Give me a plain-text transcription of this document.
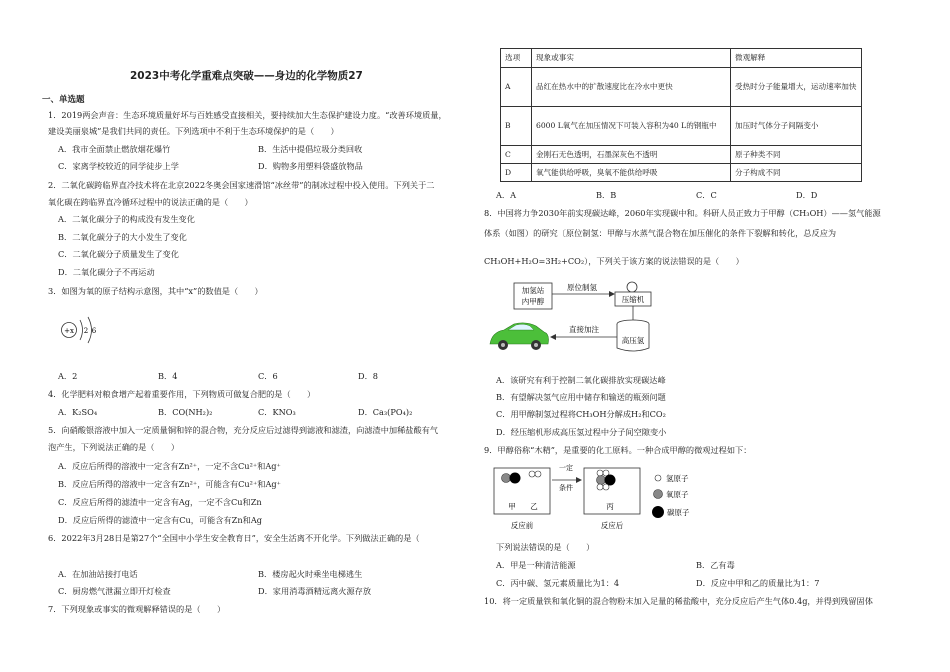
2023中考化学重难点突破——身边的化学物质27
一、单选题
1．2019两会声音：生态环境质量好坏与百姓感受直接相关，要持续加大生态保护建设力度。“改善环境质量，
建设美丽泉城”是我们共同的责任。下列选项中不利于生态环境保护的是（　　）
A．我市全面禁止燃放烟花爆竹	B．生活中提倡垃圾分类回收
C．家离学校较近的同学徒步上学	D．购物多用塑料袋盛放物品
2．二氧化碳跨临界直冷技术将在北京2022冬奥会国家速滑馆“冰丝带”的制冰过程中投入使用。下列关于二
氧化碳在跨临界直冷循环过程中的说法正确的是（　　）
A．二氧化碳分子的构成没有发生变化
B．二氧化碳分子的大小发生了变化
C．二氧化碳分子质量发生了变化
D．二氧化碳分子不再运动
3．如图为氧的原子结构示意图，其中“x”的数值是（　　）
+x 2 6
A．2	B．4	C．6	D．8
4．化学肥料对粮食增产起着重要作用，下列物质可做复合肥的是（　　）
A．K₂SO₄	B．CO(NH₂)₂	C．KNO₃	D．Ca₃(PO₄)₂
5．向硝酸银溶液中加入一定质量铜和锌的混合物，充分反应后过滤得到滤液和滤渣，向滤渣中加稀盐酸有气
泡产生，下列说法正确的是（　　）
A．反应后所得的溶液中一定含有Zn²⁺，一定不含Cu²⁺和Ag⁺
B．反应后所得的溶液中一定含有Zn²⁺，可能含有Cu²⁺和Ag⁺
C．反应后所得的滤渣中一定含有Ag，一定不含Cu和Zn
D．反应后所得的滤渣中一定含有Cu，可能含有Zn和Ag
6．2022年3月28日是第27个“全国中小学生安全教育日”，安全生活离不开化学。下列做法正确的是（
A．在加油站接打电话	B．楼房起火时乘坐电梯逃生
C．厨房燃气泄漏立即开灯检查	D．家用消毒酒精远离火源存放
7．下列现象或事实的微观解释错误的是（　　）
选项	现象或事实	微观解释
A	品红在热水中的扩散速度比在冷水中更快	受热时分子能量增大，运动速率加快
B	6000 L氧气在加压情况下可装入容积为40 L的钢瓶中	加压时气体分子间隔变小
C	金刚石无色透明，石墨深灰色不透明	原子种类不同
D	氧气能供给呼吸，臭氧不能供给呼吸	分子构成不同
A．A	B．B	C．C	D．D
8．中国将力争2030年前实现碳达峰，2060年实现碳中和。科研人员正致力于甲醇（CH₃OH）——氢气能源
体系（如图）的研究〔原位制氢：甲醇与水蒸气混合物在加压催化的条件下裂解和转化，总反应为
CH₃OH+H₂O=3H₂+CO₂），下列关于该方案的说法错误的是（　　）
加氢站
内甲醇
原位制氢
压缩机
高压氢
直接加注
A．该研究有利于控制二氧化碳排放实现碳达峰
B．有望解决氢气应用中储存和输送的瓶颈问题
C．用甲醇制氢过程将CH₃OH分解成H₂和CO₂
D．经压缩机形成高压氢过程中分子间空隙变小
9．甲醇俗称“木精”，是重要的化工原料。一种合成甲醇的微观过程如下：
甲 乙
一定
条件
丙
反应前	反应后
氢原子
氧原子
碳原子
下列说法错误的是（　　）
A．甲是一种清洁能源	B．乙有毒
C．丙中碳、氢元素质量比为1：4	D．反应中甲和乙的质量比为1：7
10．将一定质量铁和氧化铜的混合物粉末加入足量的稀盐酸中，充分反应后产生气体0.4g，并得到残留固体
